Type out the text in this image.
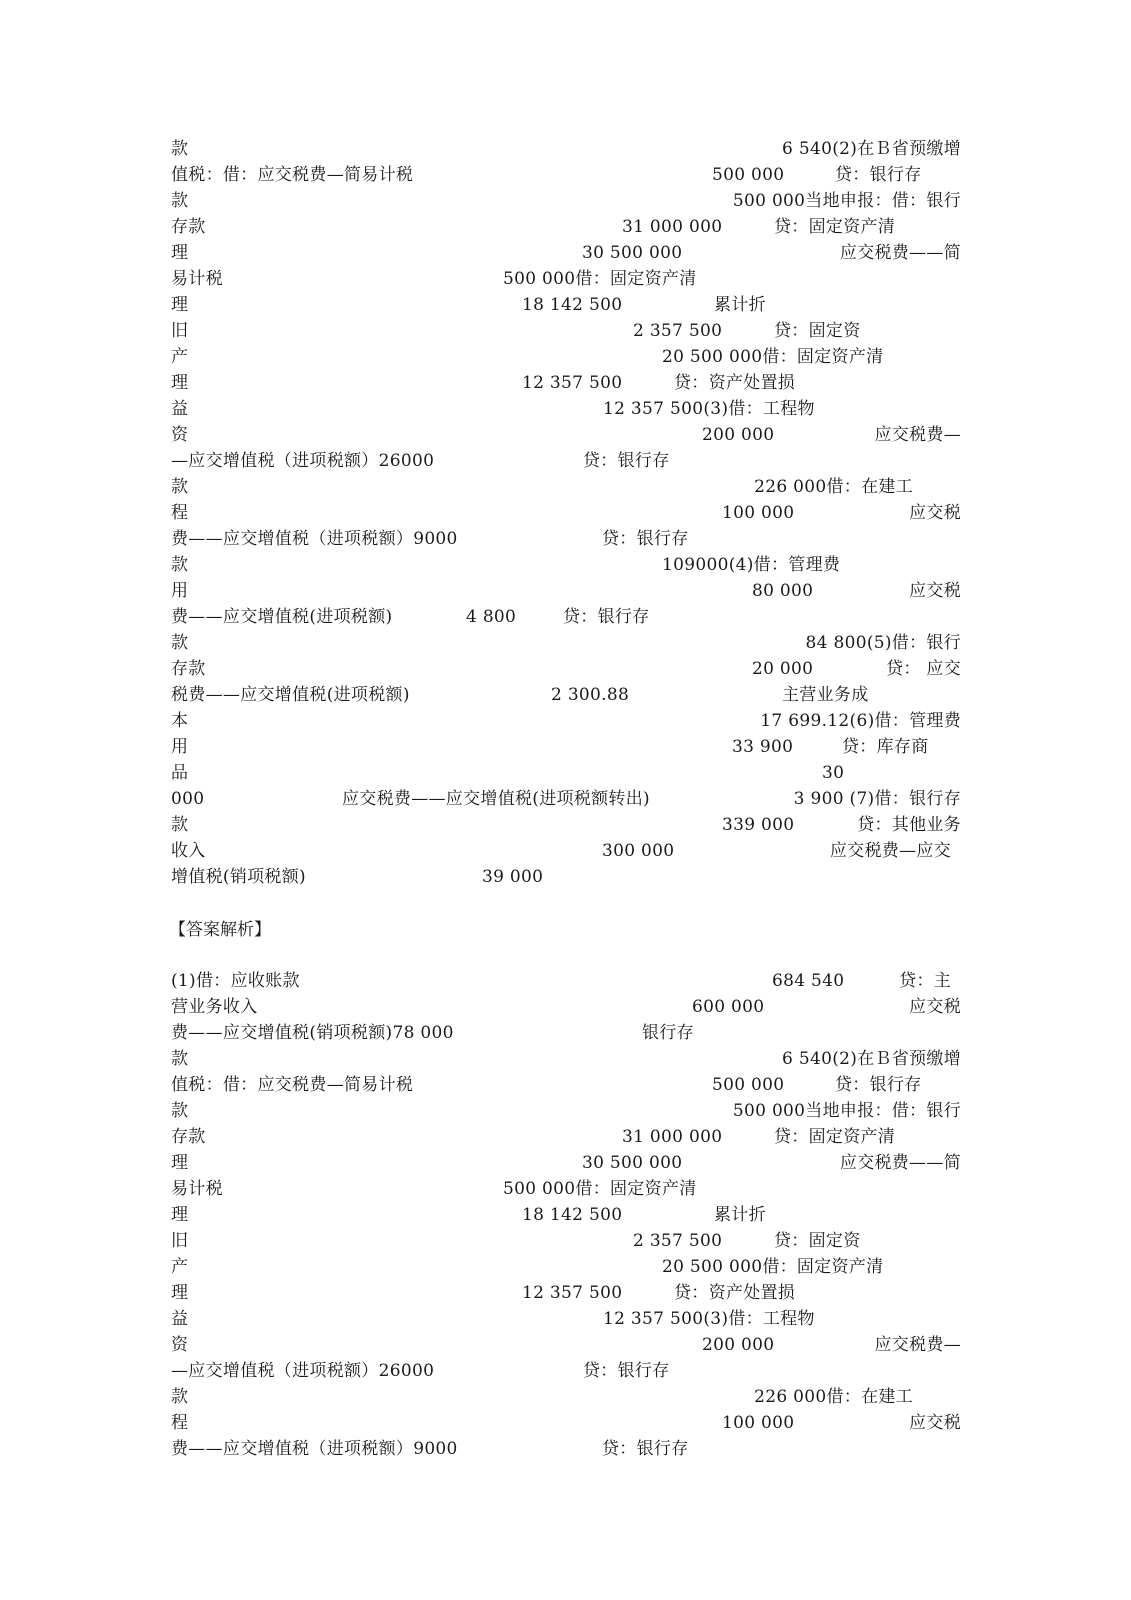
款	6 540(2)在Ｂ省预缴增
值税：借：应交税费—简易计税	500 000	贷：银行存
款	500 000当地申报：借：银行
存款	31 000 000	贷：固定资产清
理	30 500 000	应交税费——简
易计税	500 000借：固定资产清
理	18 142 500	累计折
旧	2 357 500	贷：固定资
产	20 500 000借：固定资产清
理	12 357 500	贷：资产处置损
益	12 357 500(3)借：工程物
资	200 000	应交税费—
—应交增值税（进项税额）26000	贷：银行存
款	226 000借：在建工
程	100 000	应交税
费——应交增值税（进项税额）9000	贷：银行存
款	109000(4)借：管理费
用	80 000	应交税
费——应交增值税(进项税额)	4 800	贷：银行存
款	84 800(5)借：银行
存款	20 000	贷： 应交
税费——应交增值税(进项税额)	2 300.88	主营业务成
本	17 699.12(6)借：管理费
用	33 900	贷：库存商
品	30
000	应交税费——应交增值税(进项税额转出)	3 900 (7)借：银行存
款	339 000	贷：其他业务
收入	300 000	应交税费—应交
增值税(销项税额)	39 000
【答案解析】
(1)借：应收账款	684 540	贷：主
营业务收入	600 000	应交税
费——应交增值税(销项税额)78 000	银行存
款	6 540(2)在Ｂ省预缴增
值税：借：应交税费—简易计税	500 000	贷：银行存
款	500 000当地申报：借：银行
存款	31 000 000	贷：固定资产清
理	30 500 000	应交税费——简
易计税	500 000借：固定资产清
理	18 142 500	累计折
旧	2 357 500	贷：固定资
产	20 500 000借：固定资产清
理	12 357 500	贷：资产处置损
益	12 357 500(3)借：工程物
资	200 000	应交税费—
—应交增值税（进项税额）26000	贷：银行存
款	226 000借：在建工
程	100 000	应交税
费——应交增值税（进项税额）9000	贷：银行存
